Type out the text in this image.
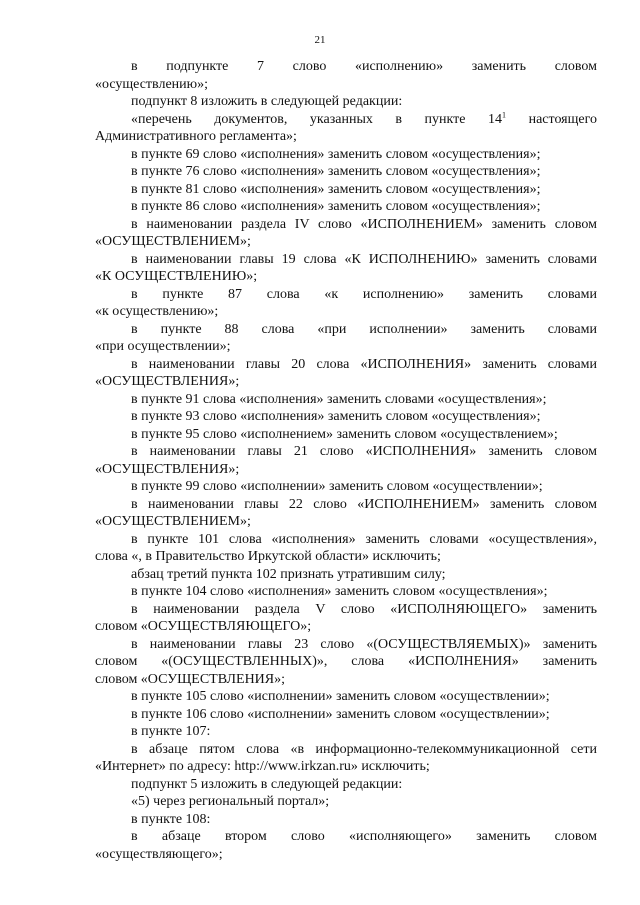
21
в подпункте 7 слово «исполнению» заменить словом
«осуществлению»;
подпункт 8 изложить в следующей редакции:
«перечень документов, указанных в пункте $14^1$ настоящего
Административного регламента»;
в пункте 69 слово «исполнения» заменить словом «осуществления»;
в пункте 76 слово «исполнения» заменить словом «осуществления»;
в пункте 81 слово «исполнения» заменить словом «осуществления»;
в пункте 86 слово «исполнения» заменить словом «осуществления»;
в наименовании раздела IV слово «ИСПОЛНЕНИЕМ» заменить словом
«ОСУЩЕСТВЛЕНИЕМ»;
в наименовании главы 19 слова «К ИСПОЛНЕНИЮ» заменить словами
«К ОСУЩЕСТВЛЕНИЮ»;
в пункте 87 слова «к исполнению» заменить словами
«к осуществлению»;
в пункте 88 слова «при исполнении» заменить словами
«при осуществлении»;
в наименовании главы 20 слова «ИСПОЛНЕНИЯ» заменить словами
«ОСУЩЕСТВЛЕНИЯ»;
в пункте 91 слова «исполнения» заменить словами «осуществления»;
в пункте 93 слово «исполнения» заменить словом «осуществления»;
в пункте 95 слово «исполнением» заменить словом «осуществлением»;
в наименовании главы 21 слово «ИСПОЛНЕНИЯ» заменить словом
«ОСУЩЕСТВЛЕНИЯ»;
в пункте 99 слово «исполнении» заменить словом «осуществлении»;
в наименовании главы 22 слово «ИСПОЛНЕНИЕМ» заменить словом
«ОСУЩЕСТВЛЕНИЕМ»;
в пункте 101 слова «исполнения» заменить словами «осуществления»,
слова «, в Правительство Иркутской области» исключить;
абзац третий пункта 102 признать утратившим силу;
в пункте 104 слово «исполнения» заменить словом «осуществления»;
в наименовании раздела V слово «ИСПОЛНЯЮЩЕГО» заменить
словом «ОСУЩЕСТВЛЯЮЩЕГО»;
в наименовании главы 23 слово «(ОСУЩЕСТВЛЯЕМЫХ)» заменить
словом «(ОСУЩЕСТВЛЕННЫХ)», слова «ИСПОЛНЕНИЯ» заменить
словом «ОСУЩЕСТВЛЕНИЯ»;
в пункте 105 слово «исполнении» заменить словом «осуществлении»;
в пункте 106 слово «исполнении» заменить словом «осуществлении»;
в пункте 107:
в абзаце пятом слова «в информационно-телекоммуникационной сети
«Интернет» по адресу: http://www.irkzan.ru» исключить;
подпункт 5 изложить в следующей редакции:
«5) через региональный портал»;
в пункте 108:
в абзаце втором слово «исполняющего» заменить словом
«осуществляющего»;
